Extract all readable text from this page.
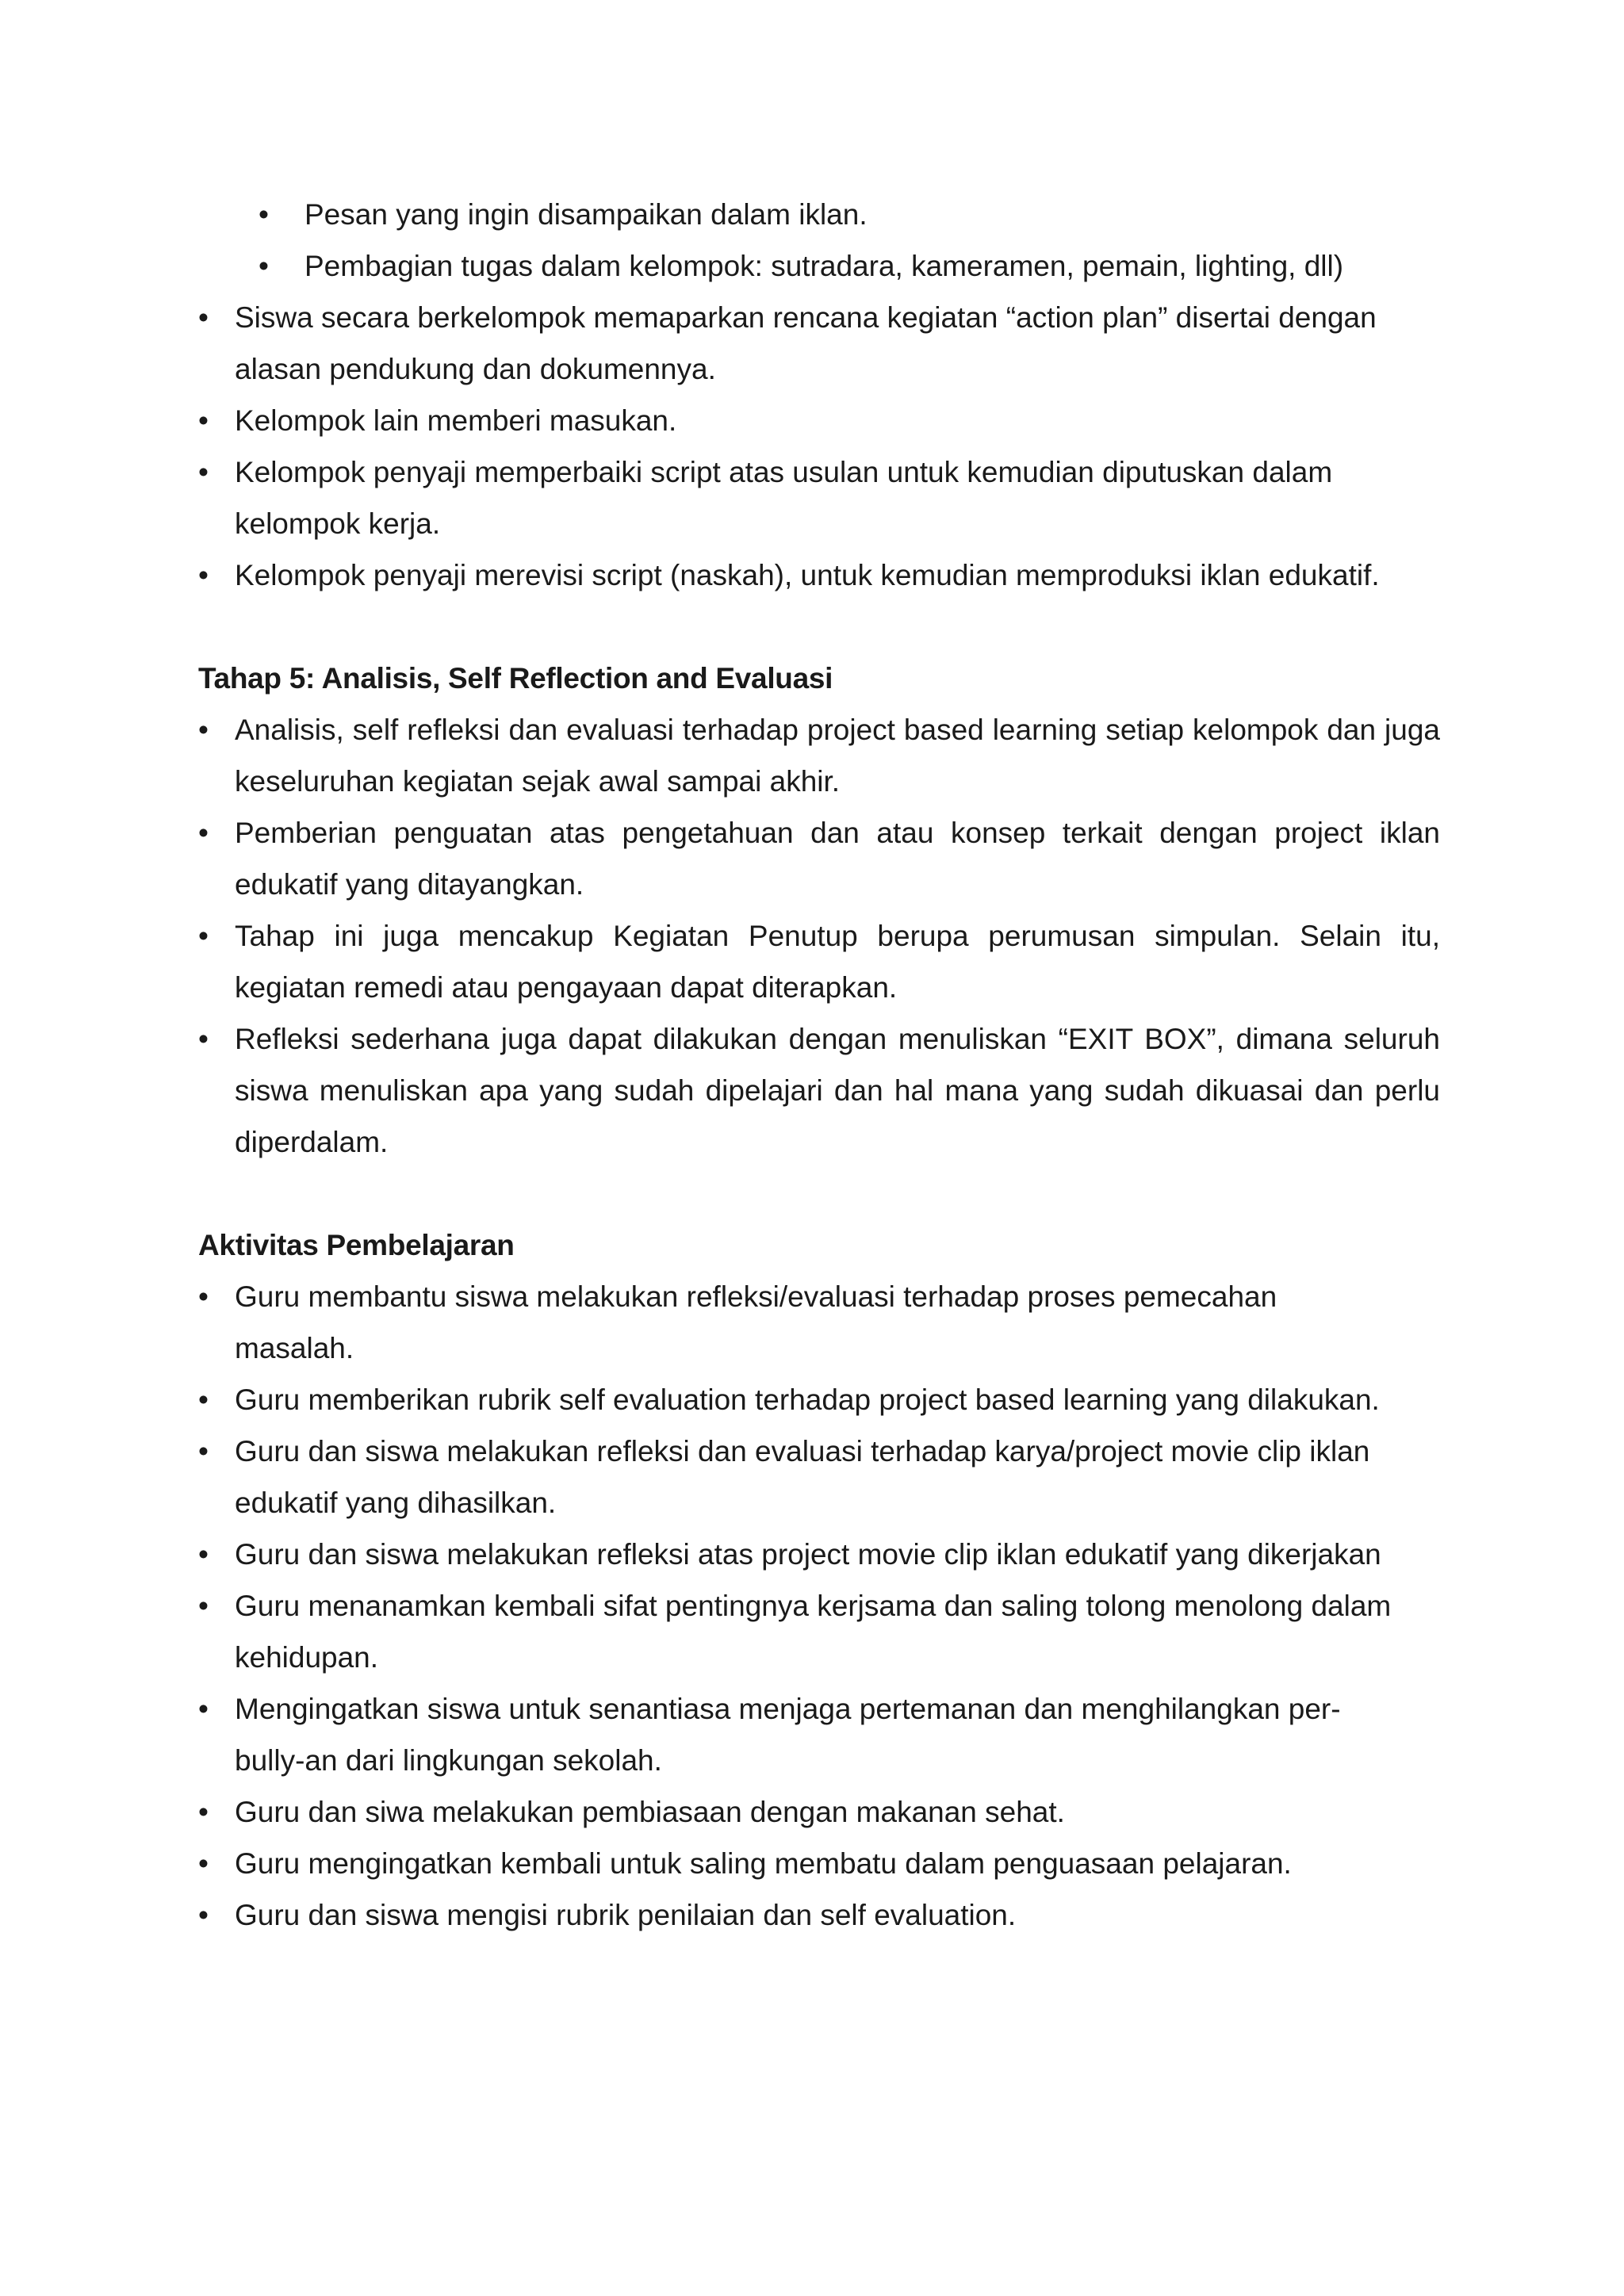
• Pesan yang ingin disampaikan dalam iklan.
• Pembagian tugas dalam kelompok: sutradara, kameramen, pemain, lighting, dll)
• Siswa secara berkelompok memaparkan rencana kegiatan “action plan” disertai dengan alasan pendukung dan dokumennya.
• Kelompok lain memberi masukan.
• Kelompok penyaji memperbaiki script atas usulan untuk kemudian diputuskan dalam kelompok kerja.
• Kelompok penyaji merevisi script (naskah), untuk kemudian memproduksi iklan edukatif.
Tahap 5: Analisis, Self Reflection and Evaluasi
• Analisis, self refleksi dan evaluasi terhadap project based learning setiap kelompok dan juga keseluruhan kegiatan sejak awal sampai akhir.
• Pemberian penguatan atas pengetahuan dan atau konsep terkait dengan project iklan edukatif yang ditayangkan.
• Tahap ini juga mencakup Kegiatan Penutup berupa perumusan simpulan. Selain itu, kegiatan remedi atau pengayaan dapat diterapkan.
• Refleksi sederhana juga dapat dilakukan dengan menuliskan “EXIT BOX”, dimana seluruh siswa menuliskan apa yang sudah dipelajari dan hal mana yang sudah dikuasai dan perlu diperdalam.
Aktivitas Pembelajaran
• Guru membantu siswa melakukan refleksi/evaluasi terhadap proses pemecahan masalah.
• Guru memberikan rubrik self evaluation terhadap project based learning yang dilakukan.
• Guru dan siswa melakukan refleksi dan evaluasi terhadap karya/project movie clip iklan edukatif yang dihasilkan.
• Guru dan siswa melakukan refleksi atas project movie clip iklan edukatif yang dikerjakan
• Guru menanamkan kembali sifat pentingnya kerjsama dan saling tolong menolong dalam kehidupan.
• Mengingatkan siswa untuk senantiasa menjaga pertemanan dan menghilangkan per-bully-an dari lingkungan sekolah.
• Guru dan siwa melakukan pembiasaan dengan makanan sehat.
• Guru mengingatkan kembali untuk saling membatu dalam penguasaan pelajaran.
• Guru dan siswa mengisi rubrik penilaian dan self evaluation.
